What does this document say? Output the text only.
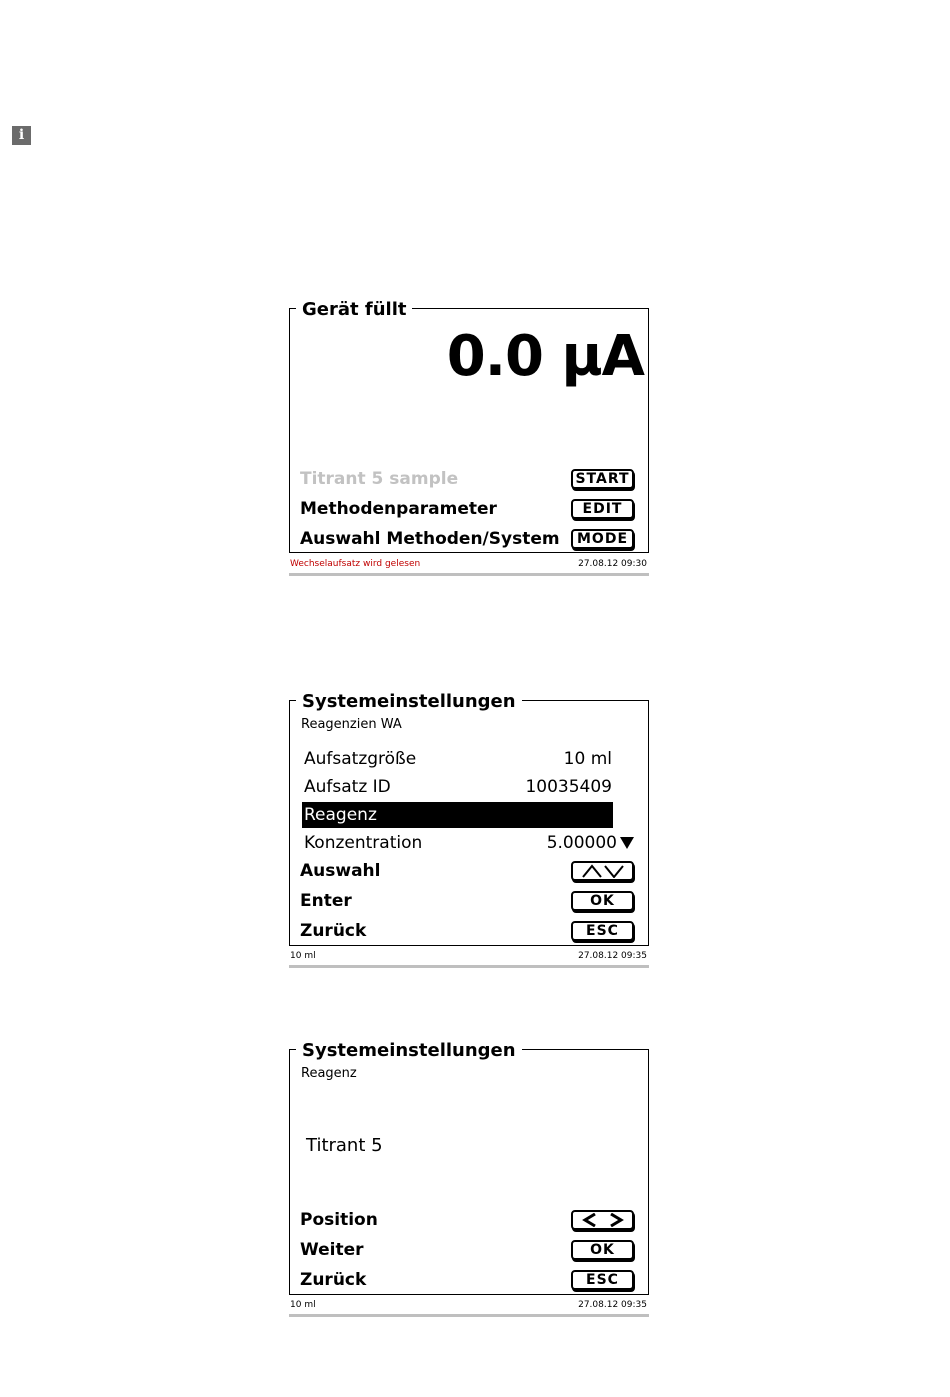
i
Gerät füllt
0.0 µA
Titrant 5 sample	START
Methodenparameter	EDIT
Auswahl Methoden/System	MODE
Wechselaufsatz wird gelesen	27.08.12 09:30
Systemeinstellungen
Reagenzien WA
Aufsatzgröße	10 ml
Aufsatz ID	10035409
Reagenz
Konzentration	5.00000
Auswahl
Enter	OK
Zurück	ESC
10 ml	27.08.12 09:35
Systemeinstellungen
Reagenz
Titrant 5
Position
Weiter	OK
Zurück	ESC
10 ml	27.08.12 09:35
